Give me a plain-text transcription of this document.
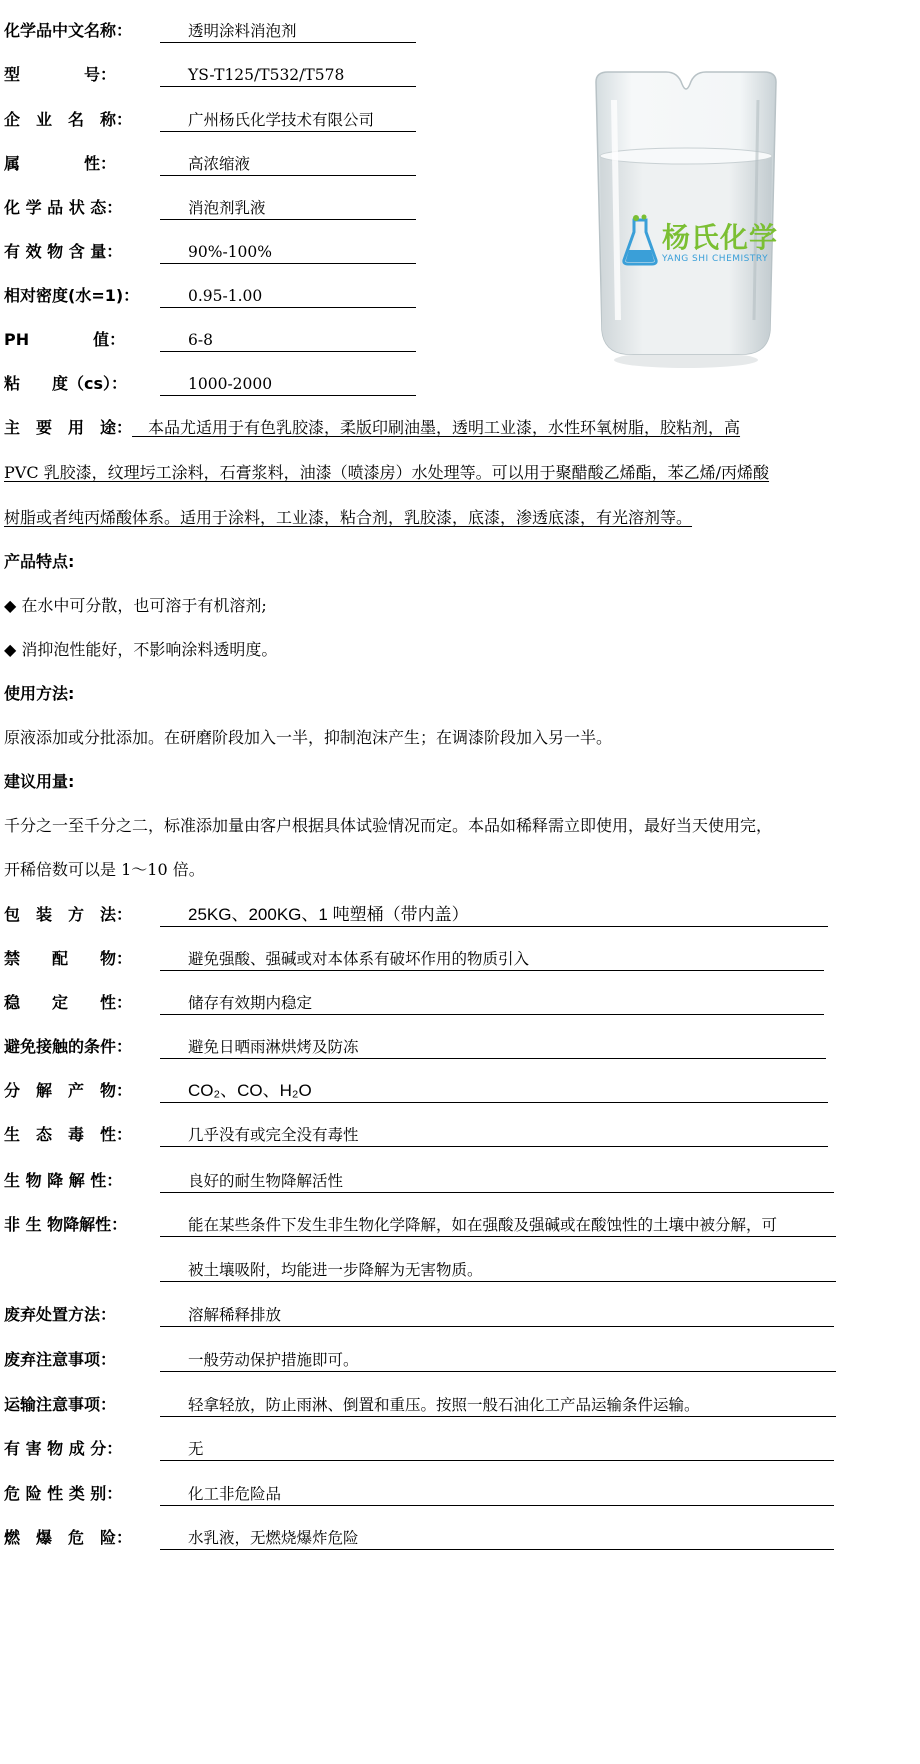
化学品中文名称：	透明涂料消泡剂
型　　　　号：	YS-T125/T532/T578
企　业　名　称：	广州杨氏化学技术有限公司
属　　　　性：	高浓缩液
化 学 品 状 态：	消泡剂乳液
有 效 物 含 量：	90%-100%
相对密度(水=1)：	0.95-1.00
PH　　　　值：	6-8
粘　　度（cs）：	1000-2000
杨氏化学
YANG SHI CHEMISTRY
主　要　用　途：　本品尤适用于有色乳胶漆，柔版印刷油墨，透明工业漆，水性环氧树脂，胶粘剂，高
PVC 乳胶漆，纹理圬工涂料，石膏浆料，油漆（喷漆房）水处理等。可以用于聚醋酸乙烯酯，苯乙烯/丙烯酸
树脂或者纯丙烯酸体系。适用于涂料，工业漆，粘合剂，乳胶漆，底漆，渗透底漆，有光溶剂等。
产品特点:
◆ 在水中可分散，也可溶于有机溶剂;
◆ 消抑泡性能好，不影响涂料透明度。
使用方法:
原液添加或分批添加。在研磨阶段加入一半，抑制泡沫产生；在调漆阶段加入另一半。
建议用量:
千分之一至千分之二，标准添加量由客户根据具体试验情况而定。本品如稀释需立即使用，最好当天使用完，
开稀倍数可以是 1～10 倍。
包　装　方　法：	25KG、200KG、1 吨塑桶（带内盖）
禁　　配　　物：	避免强酸、强碱或对本体系有破坏作用的物质引入
稳　　定　　性：	储存有效期内稳定
避免接触的条件：	避免日晒雨淋烘烤及防冻
分　解　产　物：	CO₂、CO、H₂O
生　态　毒　性：	几乎没有或完全没有毒性
生 物 降 解 性：	良好的耐生物降解活性
非 生 物降解性：	能在某些条件下发生非生物化学降解，如在强酸及强碱或在酸蚀性的土壤中被分解，可
被土壤吸附，均能进一步降解为无害物质。
废弃处置方法：	溶解稀释排放
废弃注意事项：	一般劳动保护措施即可。
运输注意事项：	轻拿轻放，防止雨淋、倒置和重压。按照一般石油化工产品运输条件运输。
有 害 物 成 分：	无
危 险 性 类 别：	化工非危险品
燃　爆　危　险：	水乳液，无燃烧爆炸危险
